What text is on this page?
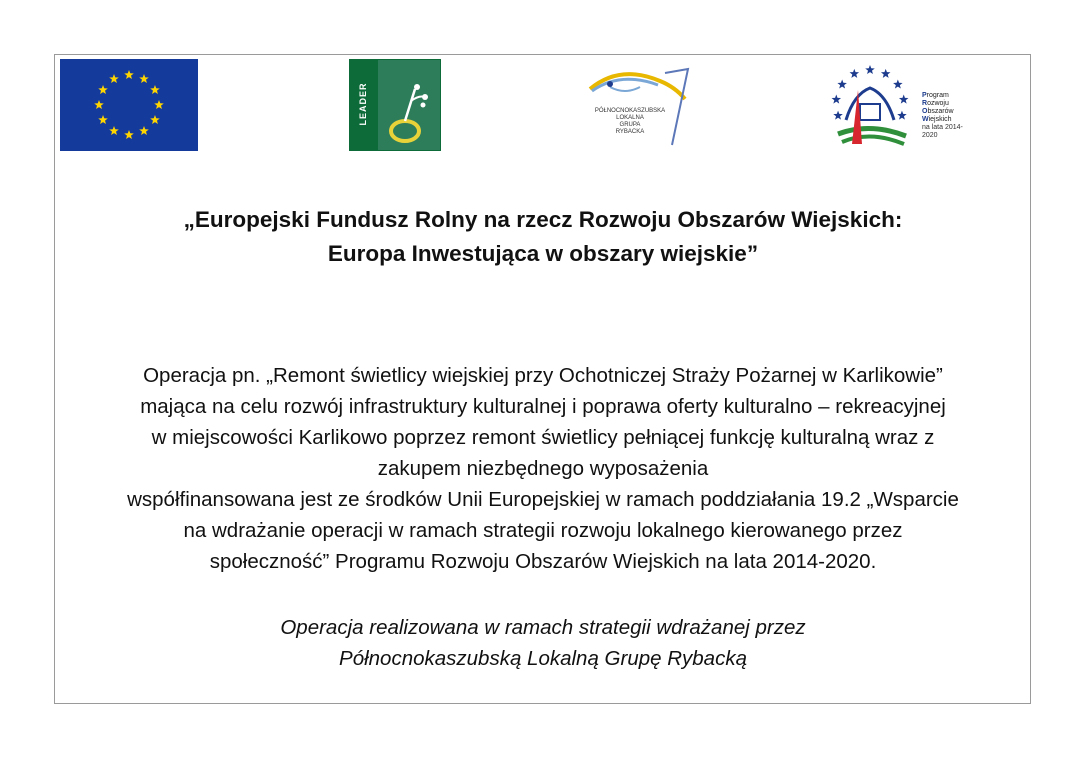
LEADER	PÓŁNOCNOKASZUBSKA
LOKALNA
GRUPA
RYBACKA
Program
Rozwoju
Obszarów
Wiejskich
na lata 2014-2020
„Europejski Fundusz Rolny na rzecz Rozwoju Obszarów Wiejskich:
Europa Inwestująca w obszary wiejskie”
Operacja pn. „Remont świetlicy wiejskiej przy Ochotniczej Straży Pożarnej w Karlikowie”
mająca na celu rozwój infrastruktury kulturalnej i poprawa oferty kulturalno – rekreacyjnej
w miejscowości Karlikowo poprzez remont świetlicy pełniącej funkcję kulturalną wraz z
zakupem niezbędnego wyposażenia
współfinansowana jest ze środków Unii Europejskiej w ramach poddziałania 19.2 „Wsparcie
na wdrażanie operacji w ramach strategii rozwoju lokalnego kierowanego przez
społeczność” Programu Rozwoju Obszarów Wiejskich na lata 2014-2020.
Operacja realizowana w ramach strategii wdrażanej przez
Północnokaszubską Lokalną Grupę Rybacką
